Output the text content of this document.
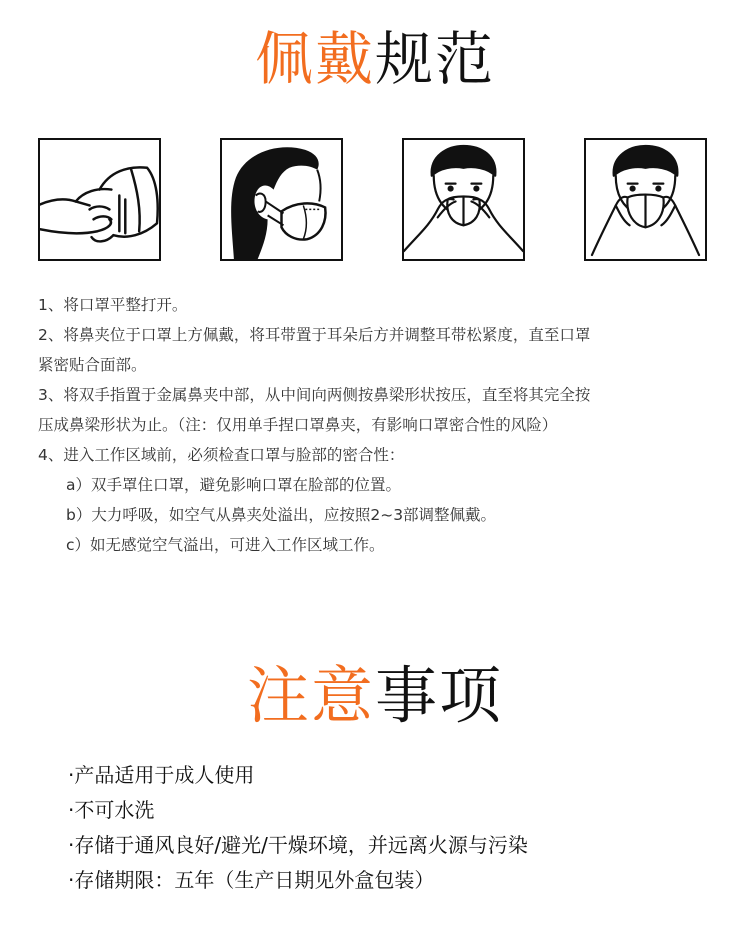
佩戴规范

1、将口罩平整打开。

2、将鼻夹位于口罩上方佩戴，将耳带置于耳朵后方并调整耳带松紧度，直至口罩

紧密贴合面部。

3、将双手指置于金属鼻夹中部，从中间向两侧按鼻梁形状按压，直至将其完全按

压成鼻梁形状为止。（注：仅用单手捏口罩鼻夹，有影响口罩密合性的风险）

4、进入工作区域前，必须检查口罩与脸部的密合性：

a）双手罩住口罩，避免影响口罩在脸部的位置。

b）大力呼吸，如空气从鼻夹处溢出，应按照2~3部调整佩戴。

c）如无感觉空气溢出，可进入工作区域工作。

注意事项

·产品适用于成人使用

·不可水洗

·存储于通风良好/避光/干燥环境，并远离火源与污染

·存储期限：五年（生产日期见外盒包装）
